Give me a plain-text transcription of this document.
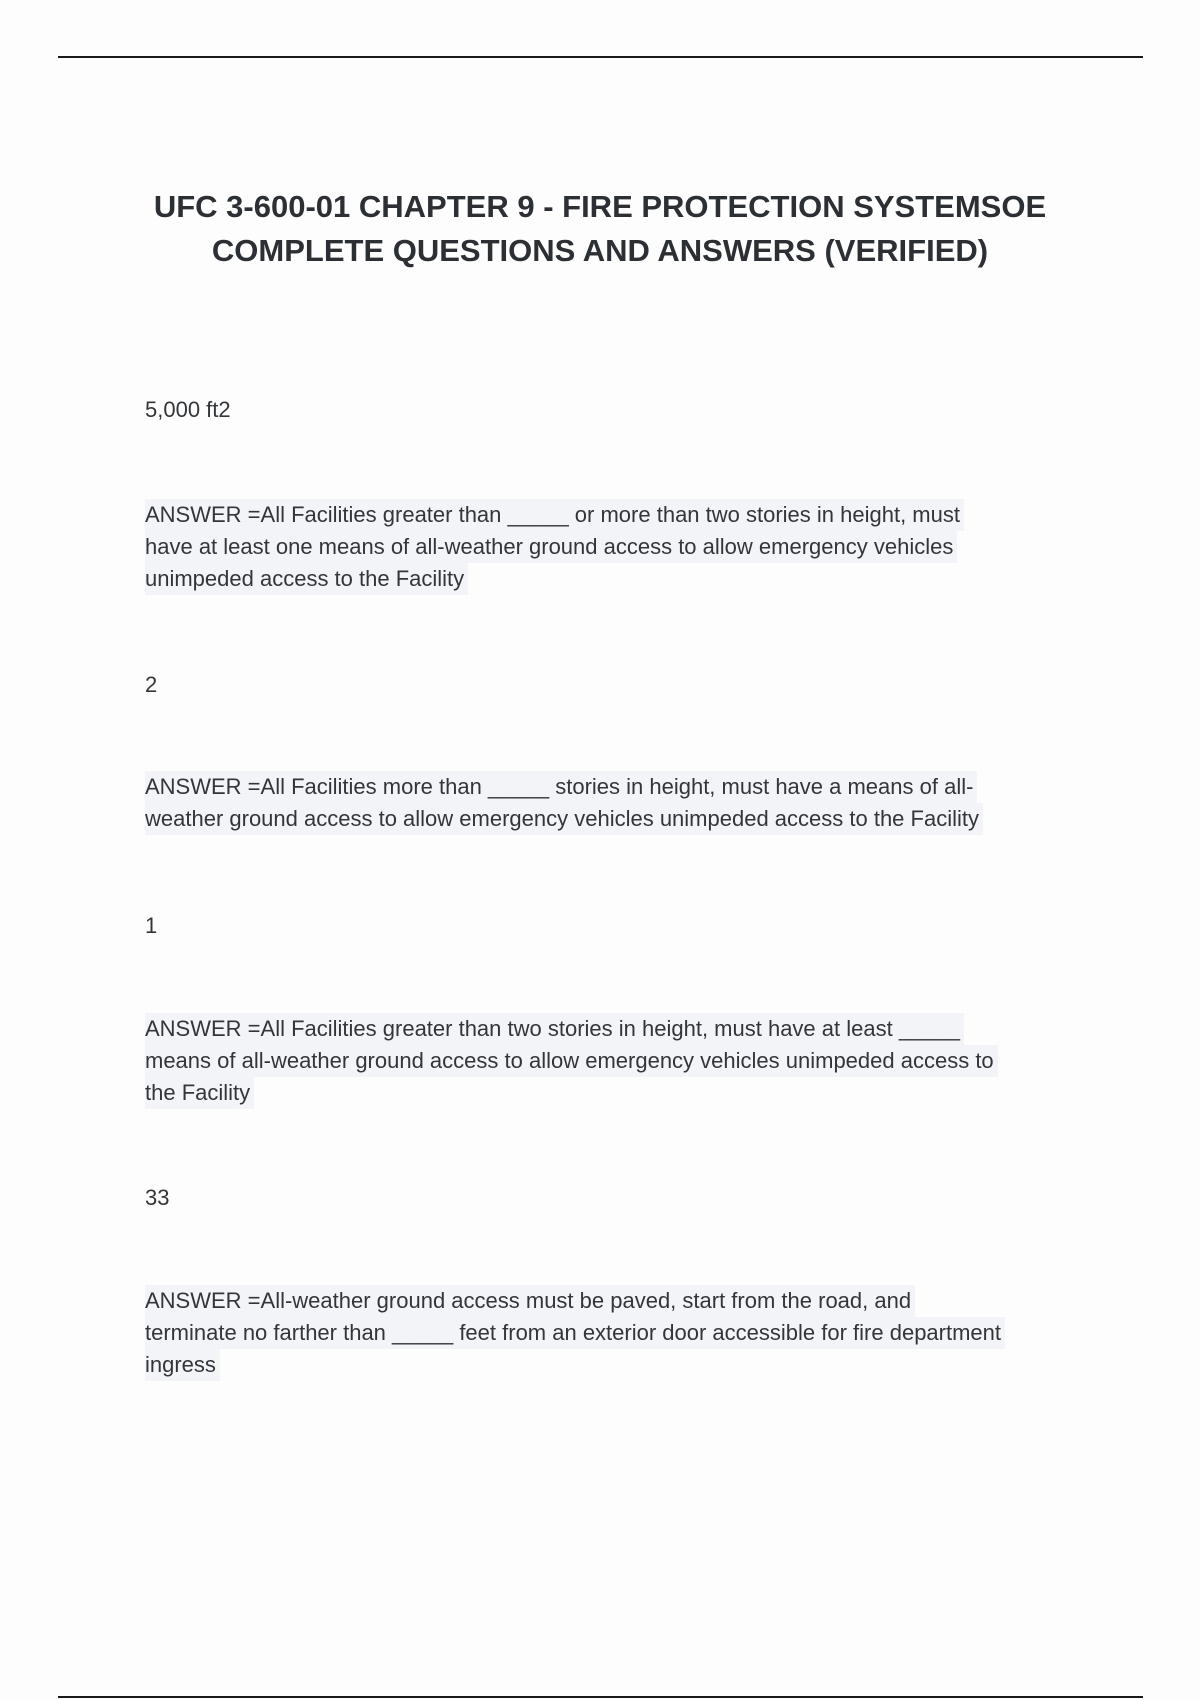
UFC 3-600-01 CHAPTER 9 - FIRE PROTECTION SYSTEMSOE
COMPLETE QUESTIONS AND ANSWERS (VERIFIED)
5,000 ft2
ANSWER =All Facilities greater than _____ or more than two stories in height, must
have at least one means of all-weather ground access to allow emergency vehicles
unimpeded access to the Facility
2
ANSWER =All Facilities more than _____ stories in height, must have a means of all-
weather ground access to allow emergency vehicles unimpeded access to the Facility
1
ANSWER =All Facilities greater than two stories in height, must have at least _____
means of all-weather ground access to allow emergency vehicles unimpeded access to
the Facility
33
ANSWER =All-weather ground access must be paved, start from the road, and
terminate no farther than _____ feet from an exterior door accessible for fire department
ingress
